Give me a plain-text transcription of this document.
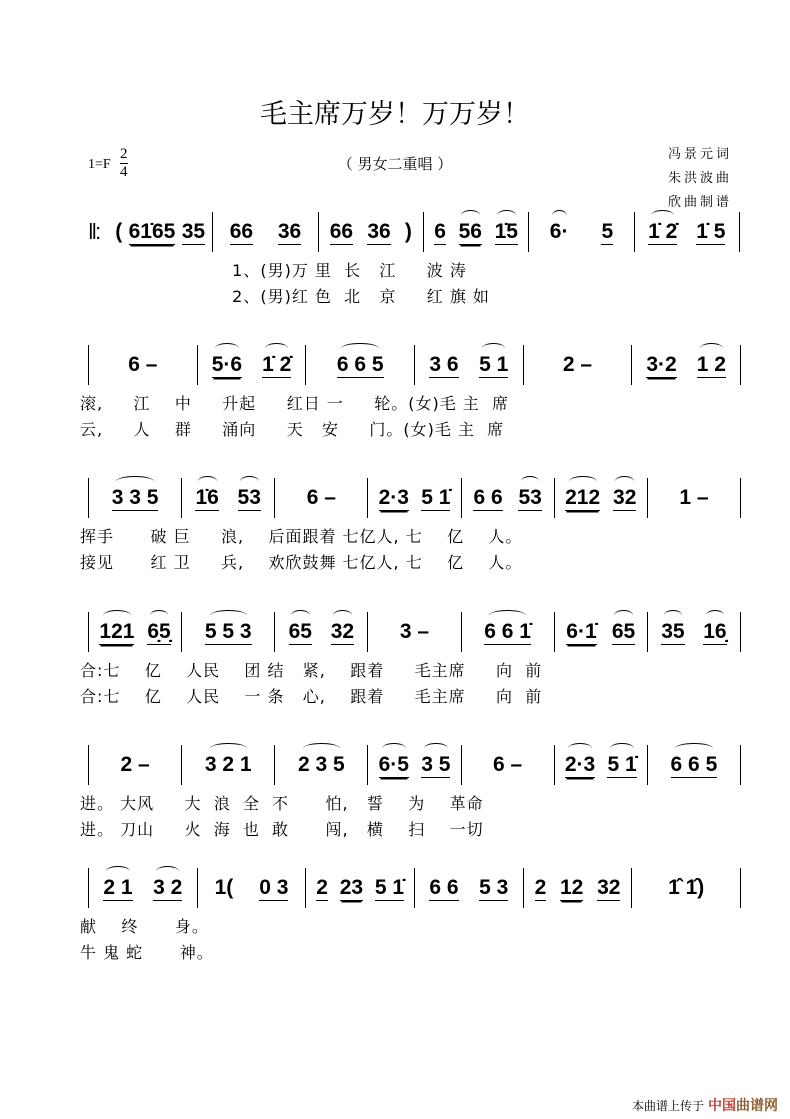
毛主席万岁！万万岁！
1=F
2
4	（ 男女二重唱 ）
冯景元词
朱洪波曲
欣曲制谱
‖: ( 61̇65 35 66 36 66 36 ) 6 56 1̇5 6· 5 1̇ 2̇ 1̇ 5
1、(男)万 里  长   江     波 涛
2、(男)红 色  北   京     红 旗 如
6 –	5·6 1̇ 2̇ 6 6 5 3 6 5 1	2 –	3·2 1 2
滚,     江    中     升起     红日 一     轮。(女)毛 主  席
云,     人    群     涌向     天   安     门。(女)毛 主  席
3 3 5 1̇6 53 6 – 2·3 5 1̇ 6 6 53 212 32 1 –
挥手      破 巨     浪,    后面跟着 七亿人, 七    亿    人。
接见      红 卫     兵,    欢欣鼓舞 七亿人, 七    亿    人。
121 6̣5̣ 5 5 3 65 32 3 –	6 6 1̇ 6·1̇ 65 35 16̣
合:七    亿    人民    团 结   紧,    跟着     毛主席     向  前
合:七    亿    人民    一 条   心,    跟着     毛主席     向  前
2 –	3 2 1 2 3 5 6·5 3 5 6 – 2·3 5 1̇ 6 6 5
进。 大风     大  浪  全  不      怕,   誓    为    革命
进。 刀山     火  海  也  敢      闯,   横    扫    一切
2 1 3 2 1( 0 3 2 23 5 1̇ 6 6 5 3 2 12 32 1̂ 1̂)
献    终      身。
牛 鬼 蛇      神。
本曲谱上传于 中国曲谱网
